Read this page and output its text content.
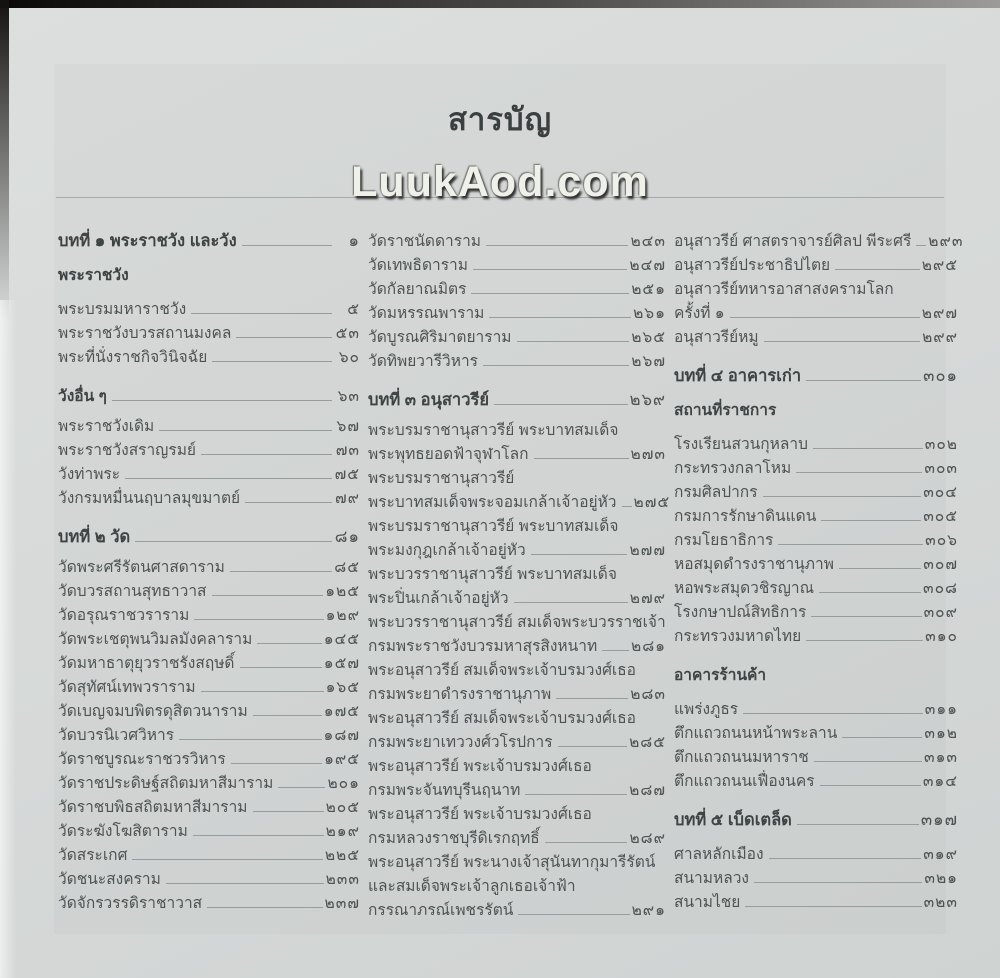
สารบัญ
LuukAod.com
บทที่ ๑ พระราชวัง และวัง	๑
พระราชวัง
พระบรมมหาราชวัง	๕
พระราชวังบวรสถานมงคล	๕๓
พระที่นั่งราชกิจวินิจฉัย	๖๐
วังอื่น ๆ	๖๓
พระราชวังเดิม	๖๗
พระราชวังสราญรมย์	๗๓
วังท่าพระ	๗๕
วังกรมหมื่นนฤบาลมุขมาตย์	๗๙
บทที่ ๒ วัด	๘๑
วัดพระศรีรัตนศาสดาราม	๘๕
วัดบวรสถานสุทธาวาส	๑๒๕
วัดอรุณราชวราราม	๑๒๙
วัดพระเชตุพนวิมลมังคลาราม	๑๔๕
วัดมหาธาตุยุวราชรังสฤษดิ์	๑๕๗
วัดสุทัศน์เทพวราราม	๑๖๕
วัดเบญจมบพิตรดุสิตวนาราม	๑๗๕
วัดบวรนิเวศวิหาร	๑๘๗
วัดราชบูรณะราชวรวิหาร	๑๙๕
วัดราชประดิษฐ์สถิตมหาสีมาราม	๒๐๑
วัดราชบพิธสถิตมหาสีมาราม	๒๐๕
วัดระฆังโฆสิตาราม	๒๑๙
วัดสระเกศ	๒๒๕
วัดชนะสงคราม	๒๓๓
วัดจักรวรรดิราชาวาส	๒๓๗
วัดราชนัดดาราม	๒๔๓
วัดเทพธิดาราม	๒๔๗
วัดกัลยาณมิตร	๒๕๑
วัดมหรรณพาราม	๒๖๑
วัดบูรณศิริมาตยาราม	๒๖๕
วัดทิพยวารีวิหาร	๒๖๗
บทที่ ๓ อนุสาวรีย์	๒๖๙
พระบรมราชานุสาวรีย์ พระบาทสมเด็จ
พระพุทธยอดฟ้าจุฬาโลก	๒๗๓
พระบรมราชานุสาวรีย์
พระบาทสมเด็จพระจอมเกล้าเจ้าอยู่หัว ๒๗๕
พระบรมราชานุสาวรีย์ พระบาทสมเด็จ
พระมงกุฎเกล้าเจ้าอยู่หัว	๒๗๗
พระบวรราชานุสาวรีย์ พระบาทสมเด็จ
พระปิ่นเกล้าเจ้าอยู่หัว	๒๗๙
พระบวรราชานุสาวรีย์ สมเด็จพระบวรราชเจ้า
กรมพระราชวังบวรมหาสุรสิงหนาท ๒๘๑
พระอนุสาวรีย์ สมเด็จพระเจ้าบรมวงศ์เธอ
กรมพระยาดำรงราชานุภาพ	๒๘๓
พระอนุสาวรีย์ สมเด็จพระเจ้าบรมวงศ์เธอ
กรมพระยาเทววงศ์วโรปการ	๒๘๕
พระอนุสาวรีย์ พระเจ้าบรมวงศ์เธอ
กรมพระจันทบุรีนฤนาท	๒๘๗
พระอนุสาวรีย์ พระเจ้าบรมวงศ์เธอ
กรมหลวงราชบุรีดิเรกฤทธิ์	๒๘๙
พระอนุสาวรีย์ พระนางเจ้าสุนันทากุมารีรัตน์
และสมเด็จพระเจ้าลูกเธอเจ้าฟ้า
กรรณาภรณ์เพชรรัตน์	๒๙๑
อนุสาวรีย์ ศาสตราจารย์ศิลป พีระศรี ๒๙๓
อนุสาวรีย์ประชาธิปไตย	๒๙๕
อนุสาวรีย์ทหารอาสาสงครามโลก
ครั้งที่ ๑	๒๙๗
อนุสาวรีย์หมู	๒๙๙
บทที่ ๔ อาคารเก่า	๓๐๑
สถานที่ราชการ
โรงเรียนสวนกุหลาบ	๓๐๒
กระทรวงกลาโหม	๓๐๓
กรมศิลปากร	๓๐๔
กรมการรักษาดินแดน	๓๐๕
กรมโยธาธิการ	๓๐๖
หอสมุดดำรงราชานุภาพ	๓๐๗
หอพระสมุดวชิรญาณ	๓๐๘
โรงกษาปณ์สิทธิการ	๓๐๙
กระทรวงมหาดไทย	๓๑๐
อาคารร้านค้า
แพร่งภูธร	๓๑๑
ตึกแถวถนนหน้าพระลาน	๓๑๒
ตึกแถวถนนมหาราช	๓๑๓
ตึกแถวถนนเฟื่องนคร	๓๑๔
บทที่ ๕ เบ็ดเตล็ด	๓๑๗
ศาลหลักเมือง	๓๑๙
สนามหลวง	๓๒๑
สนามไชย	๓๒๓
